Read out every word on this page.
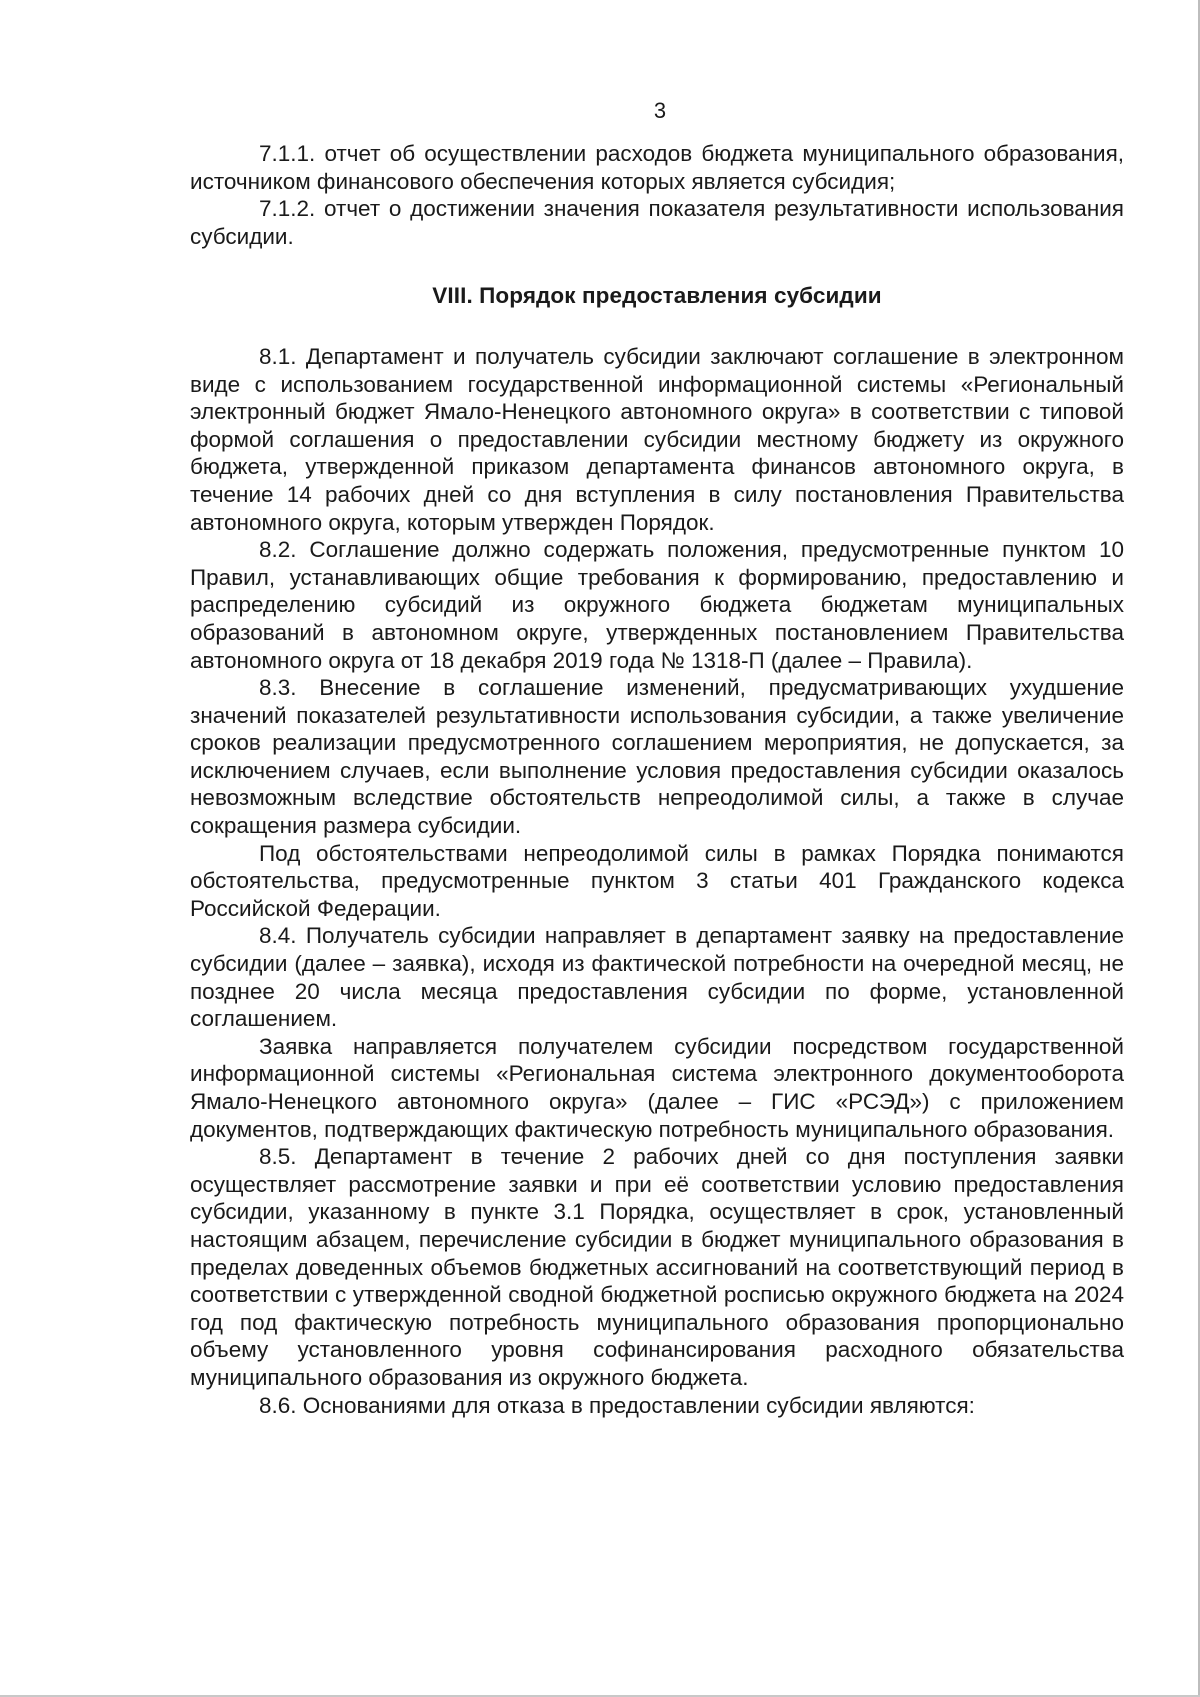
3

7.1.1. отчет об осуществлении расходов бюджета муниципального образования, источником финансового обеспечения которых является субсидия;

7.1.2. отчет о достижении значения показателя результативности использования субсидии.

VIII. Порядок предоставления субсидии

8.1. Департамент и получатель субсидии заключают соглашение в электронном виде с использованием государственной информационной системы «Региональный электронный бюджет Ямало-Ненецкого автономного округа» в соответствии с типовой формой соглашения о предоставлении субсидии местному бюджету из окружного бюджета, утвержденной приказом департамента финансов автономного округа, в течение 14 рабочих дней со дня вступления в силу постановления Правительства автономного округа, которым утвержден Порядок.

8.2. Соглашение должно содержать положения, предусмотренные пунктом 10 Правил, устанавливающих общие требования к формированию, предоставлению и распределению субсидий из окружного бюджета бюджетам муниципальных образований в автономном округе, утвержденных постановлением Правительства автономного округа от 18 декабря 2019 года № 1318-П (далее – Правила).

8.3. Внесение в соглашение изменений, предусматривающих ухудшение значений показателей результативности использования субсидии, а также увеличение сроков реализации предусмотренного соглашением мероприятия, не допускается, за исключением случаев, если выполнение условия предоставления субсидии оказалось невозможным вследствие обстоятельств непреодолимой силы, а также в случае сокращения размера субсидии.

Под обстоятельствами непреодолимой силы в рамках Порядка понимаются обстоятельства, предусмотренные пунктом 3 статьи 401 Гражданского кодекса Российской Федерации.

8.4. Получатель субсидии направляет в департамент заявку на предоставление субсидии (далее – заявка), исходя из фактической потребности на очередной месяц, не позднее 20 числа месяца предоставления субсидии по форме, установленной соглашением.

Заявка направляется получателем субсидии посредством государственной информационной системы «Региональная система электронного документооборота Ямало-Ненецкого автономного округа» (далее – ГИС «РСЭД») с приложением документов, подтверждающих фактическую потребность муниципального образования.

8.5. Департамент в течение 2 рабочих дней со дня поступления заявки осуществляет рассмотрение заявки и при её соответствии условию предоставления субсидии, указанному в пункте 3.1 Порядка, осуществляет в срок, установленный настоящим абзацем, перечисление субсидии в бюджет муниципального образования в пределах доведенных объемов бюджетных ассигнований на соответствующий период в соответствии с утвержденной сводной бюджетной росписью окружного бюджета на 2024 год под фактическую потребность муниципального образования пропорционально объему установленного уровня софинансирования расходного обязательства муниципального образования из окружного бюджета.

8.6. Основаниями для отказа в предоставлении субсидии являются:
